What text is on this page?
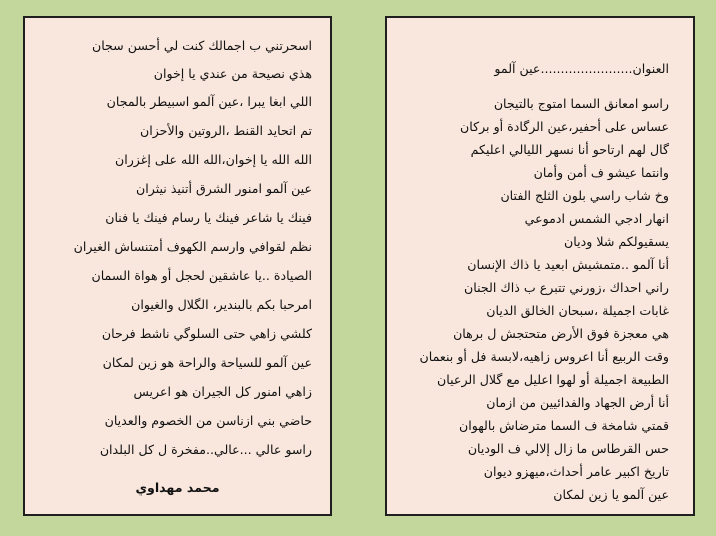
اسحرتني ب اجمالك كنت لي أحسن سجان
هذي نصيحة من عندي يا إخوان
اللي ابغا يبرا ،عين آلمو اسبيطر بالمجان
تم اتحايد القنط ،الروتين والأحزان
الله الله يا إخوان،الله الله على إغزران
عين آلمو امنور الشرق أتنيذ نيثران
فينك يا شاعر فينك يا رسام فينك يا فنان
نظم لقوافي وارسم الكهوف أمتنساش الغيران
الصيادة ..يا عاشقين لحجل أو هواة السمان
امرحبا بكم بالبندير، الگلال والغيوان
كلشي زاهي حتى السلوگي ناشط فرحان
عين آلمو للسياحة والراحة هو زين لمكان
زاهي امنور كل الجيران هو اعريس
حاضي بني ازناسن من الخصوم والعديان
راسو عالي ...عالي..مفخرة ل كل البلدان
محمد مهداوي
العنوان.......................عين آلمو
راسو امعانق السما امتوج بالتيجان
عساس على أحفير،عين الرگادة أو بركان
گال لهم ارتاحو أنا نسهر الليالي اعليكم
وانتما عيشو ف أمن وأمان
وخ شاب راسي بلون الثلج الفتان
انهار ادجي الشمس ادموعي
يسقيولكم شلا وديان
أنا آلمو ..متمشيش ابعيد يا ذاك الإنسان
راني احداك ،زورني تتبرع ب ذاك الجنان
غابات اجميلة ،سبحان الخالق الديان
هي معجزة فوق الأرض متحتجش ل برهان
وقت الربيع أنا اعروس زاهيه،لابسة فل أو بنعمان
الطبيعة اجميلة أو لهوا اعليل مع گلال الرعيان
أنا أرض الجهاد والفدائيين من ازمان
قمتي شامخة ف السما مترضاش بالهوان
حس القرطاس ما زال إلالي ف الوديان
تاريخ اكبير عامر أحداث،ميهزو ديوان
عين آلمو يا زين لمكان
